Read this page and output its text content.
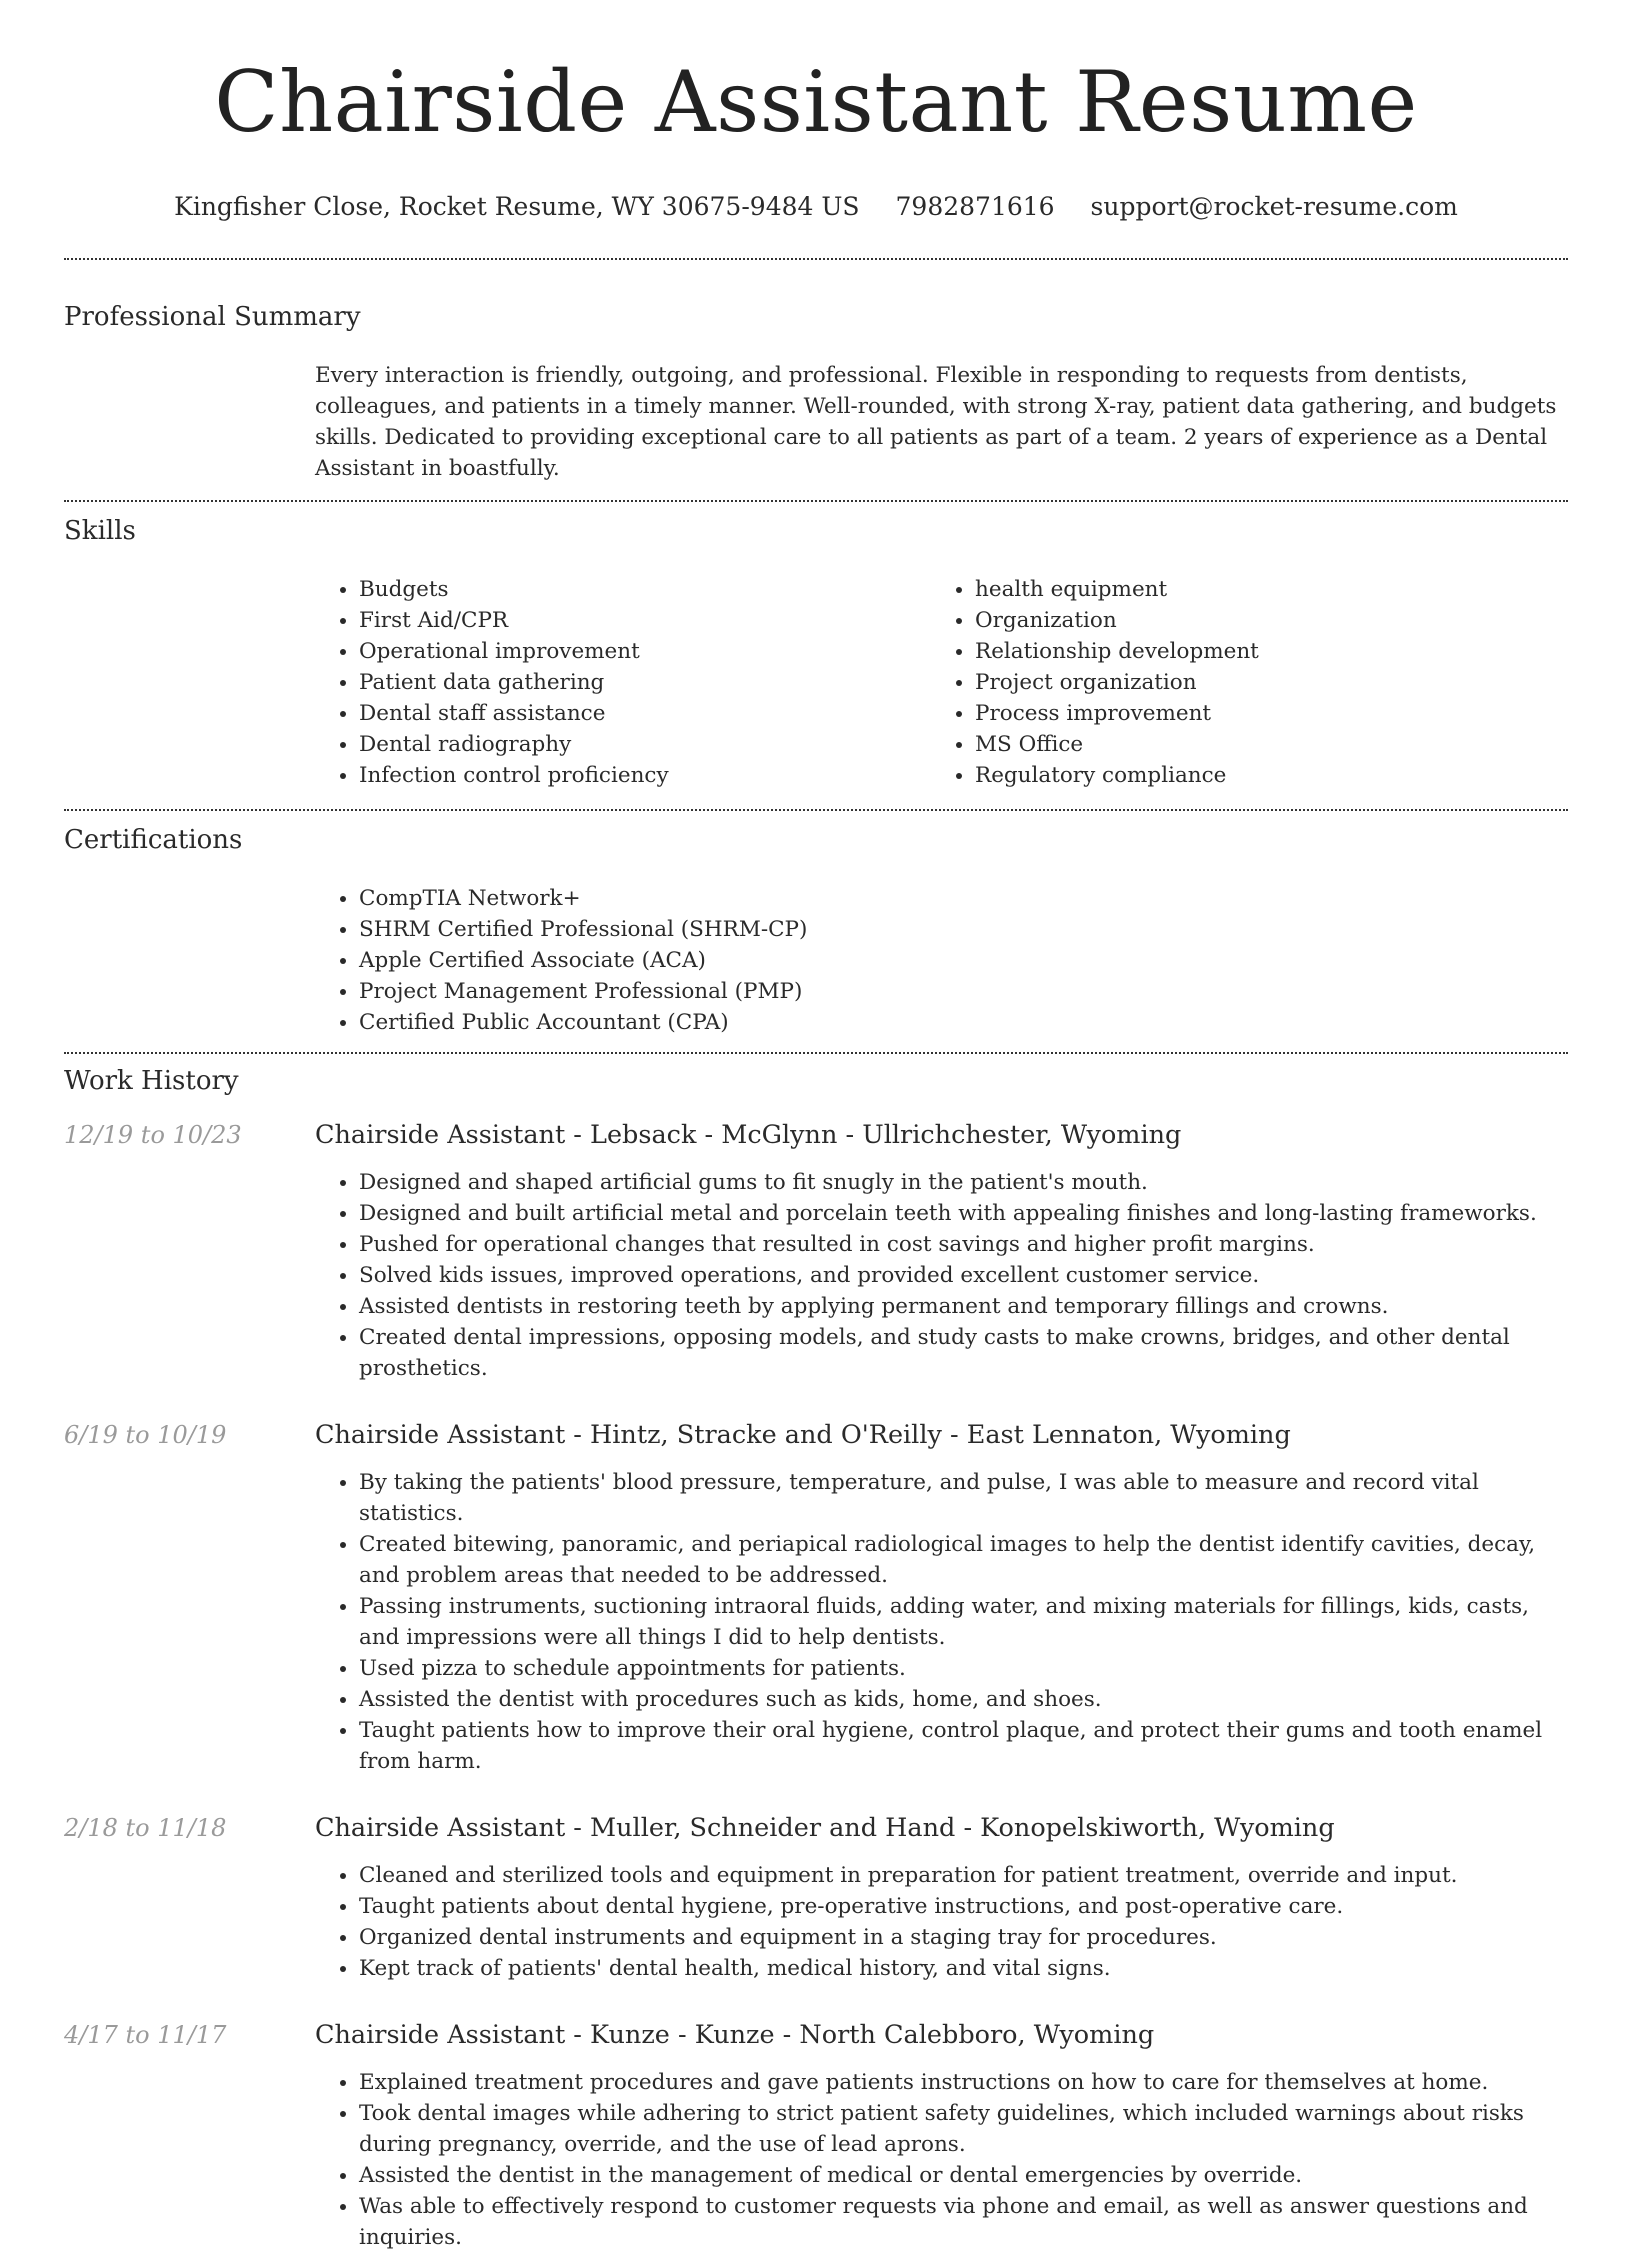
Chairside Assistant Resume
Kingfisher Close, Rocket Resume, WY 30675-9484 US 7982871616 support@rocket-resume.com
Professional Summary

Every interaction is friendly, outgoing, and professional. Flexible in responding to requests from dentists, colleagues, and patients in a timely manner. Well-rounded, with strong X-ray, patient data gathering, and budgets skills. Dedicated to providing exceptional care to all patients as part of a team. 2 years of experience as a Dental Assistant in boastfully.

Skills
• Budgets
• First Aid/CPR
• Operational improvement
• Patient data gathering
• Dental staff assistance
• Dental radiography
• Infection control proficiency
• health equipment
• Organization
• Relationship development
• Project organization
• Process improvement
• MS Office
• Regulatory compliance
Certifications
• CompTIA Network+
• SHRM Certified Professional (SHRM-CP)
• Apple Certified Associate (ACA)
• Project Management Professional (PMP)
• Certified Public Accountant (CPA)
Work History
12/19 to 10/23	Chairside Assistant - Lebsack - McGlynn - Ullrichchester, Wyoming
• Designed and shaped artificial gums to fit snugly in the patient's mouth.
• Designed and built artificial metal and porcelain teeth with appealing finishes and long-lasting frameworks.
• Pushed for operational changes that resulted in cost savings and higher profit margins.
• Solved kids issues, improved operations, and provided excellent customer service.
• Assisted dentists in restoring teeth by applying permanent and temporary fillings and crowns.
• Created dental impressions, opposing models, and study casts to make crowns, bridges, and other dental prosthetics.
6/19 to 10/19	Chairside Assistant - Hintz, Stracke and O'Reilly - East Lennaton, Wyoming
• By taking the patients' blood pressure, temperature, and pulse, I was able to measure and record vital statistics.
• Created bitewing, panoramic, and periapical radiological images to help the dentist identify cavities, decay, and problem areas that needed to be addressed.
• Passing instruments, suctioning intraoral fluids, adding water, and mixing materials for fillings, kids, casts, and impressions were all things I did to help dentists.
• Used pizza to schedule appointments for patients.
• Assisted the dentist with procedures such as kids, home, and shoes.
• Taught patients how to improve their oral hygiene, control plaque, and protect their gums and tooth enamel from harm.
2/18 to 11/18	Chairside Assistant - Muller, Schneider and Hand - Konopelskiworth, Wyoming
• Cleaned and sterilized tools and equipment in preparation for patient treatment, override and input.
• Taught patients about dental hygiene, pre-operative instructions, and post-operative care.
• Organized dental instruments and equipment in a staging tray for procedures.
• Kept track of patients' dental health, medical history, and vital signs.
4/17 to 11/17	Chairside Assistant - Kunze - Kunze - North Calebboro, Wyoming
• Explained treatment procedures and gave patients instructions on how to care for themselves at home.
• Took dental images while adhering to strict patient safety guidelines, which included warnings about risks during pregnancy, override, and the use of lead aprons.
• Assisted the dentist in the management of medical or dental emergencies by override.
• Was able to effectively respond to customer requests via phone and email, as well as answer questions and inquiries.
